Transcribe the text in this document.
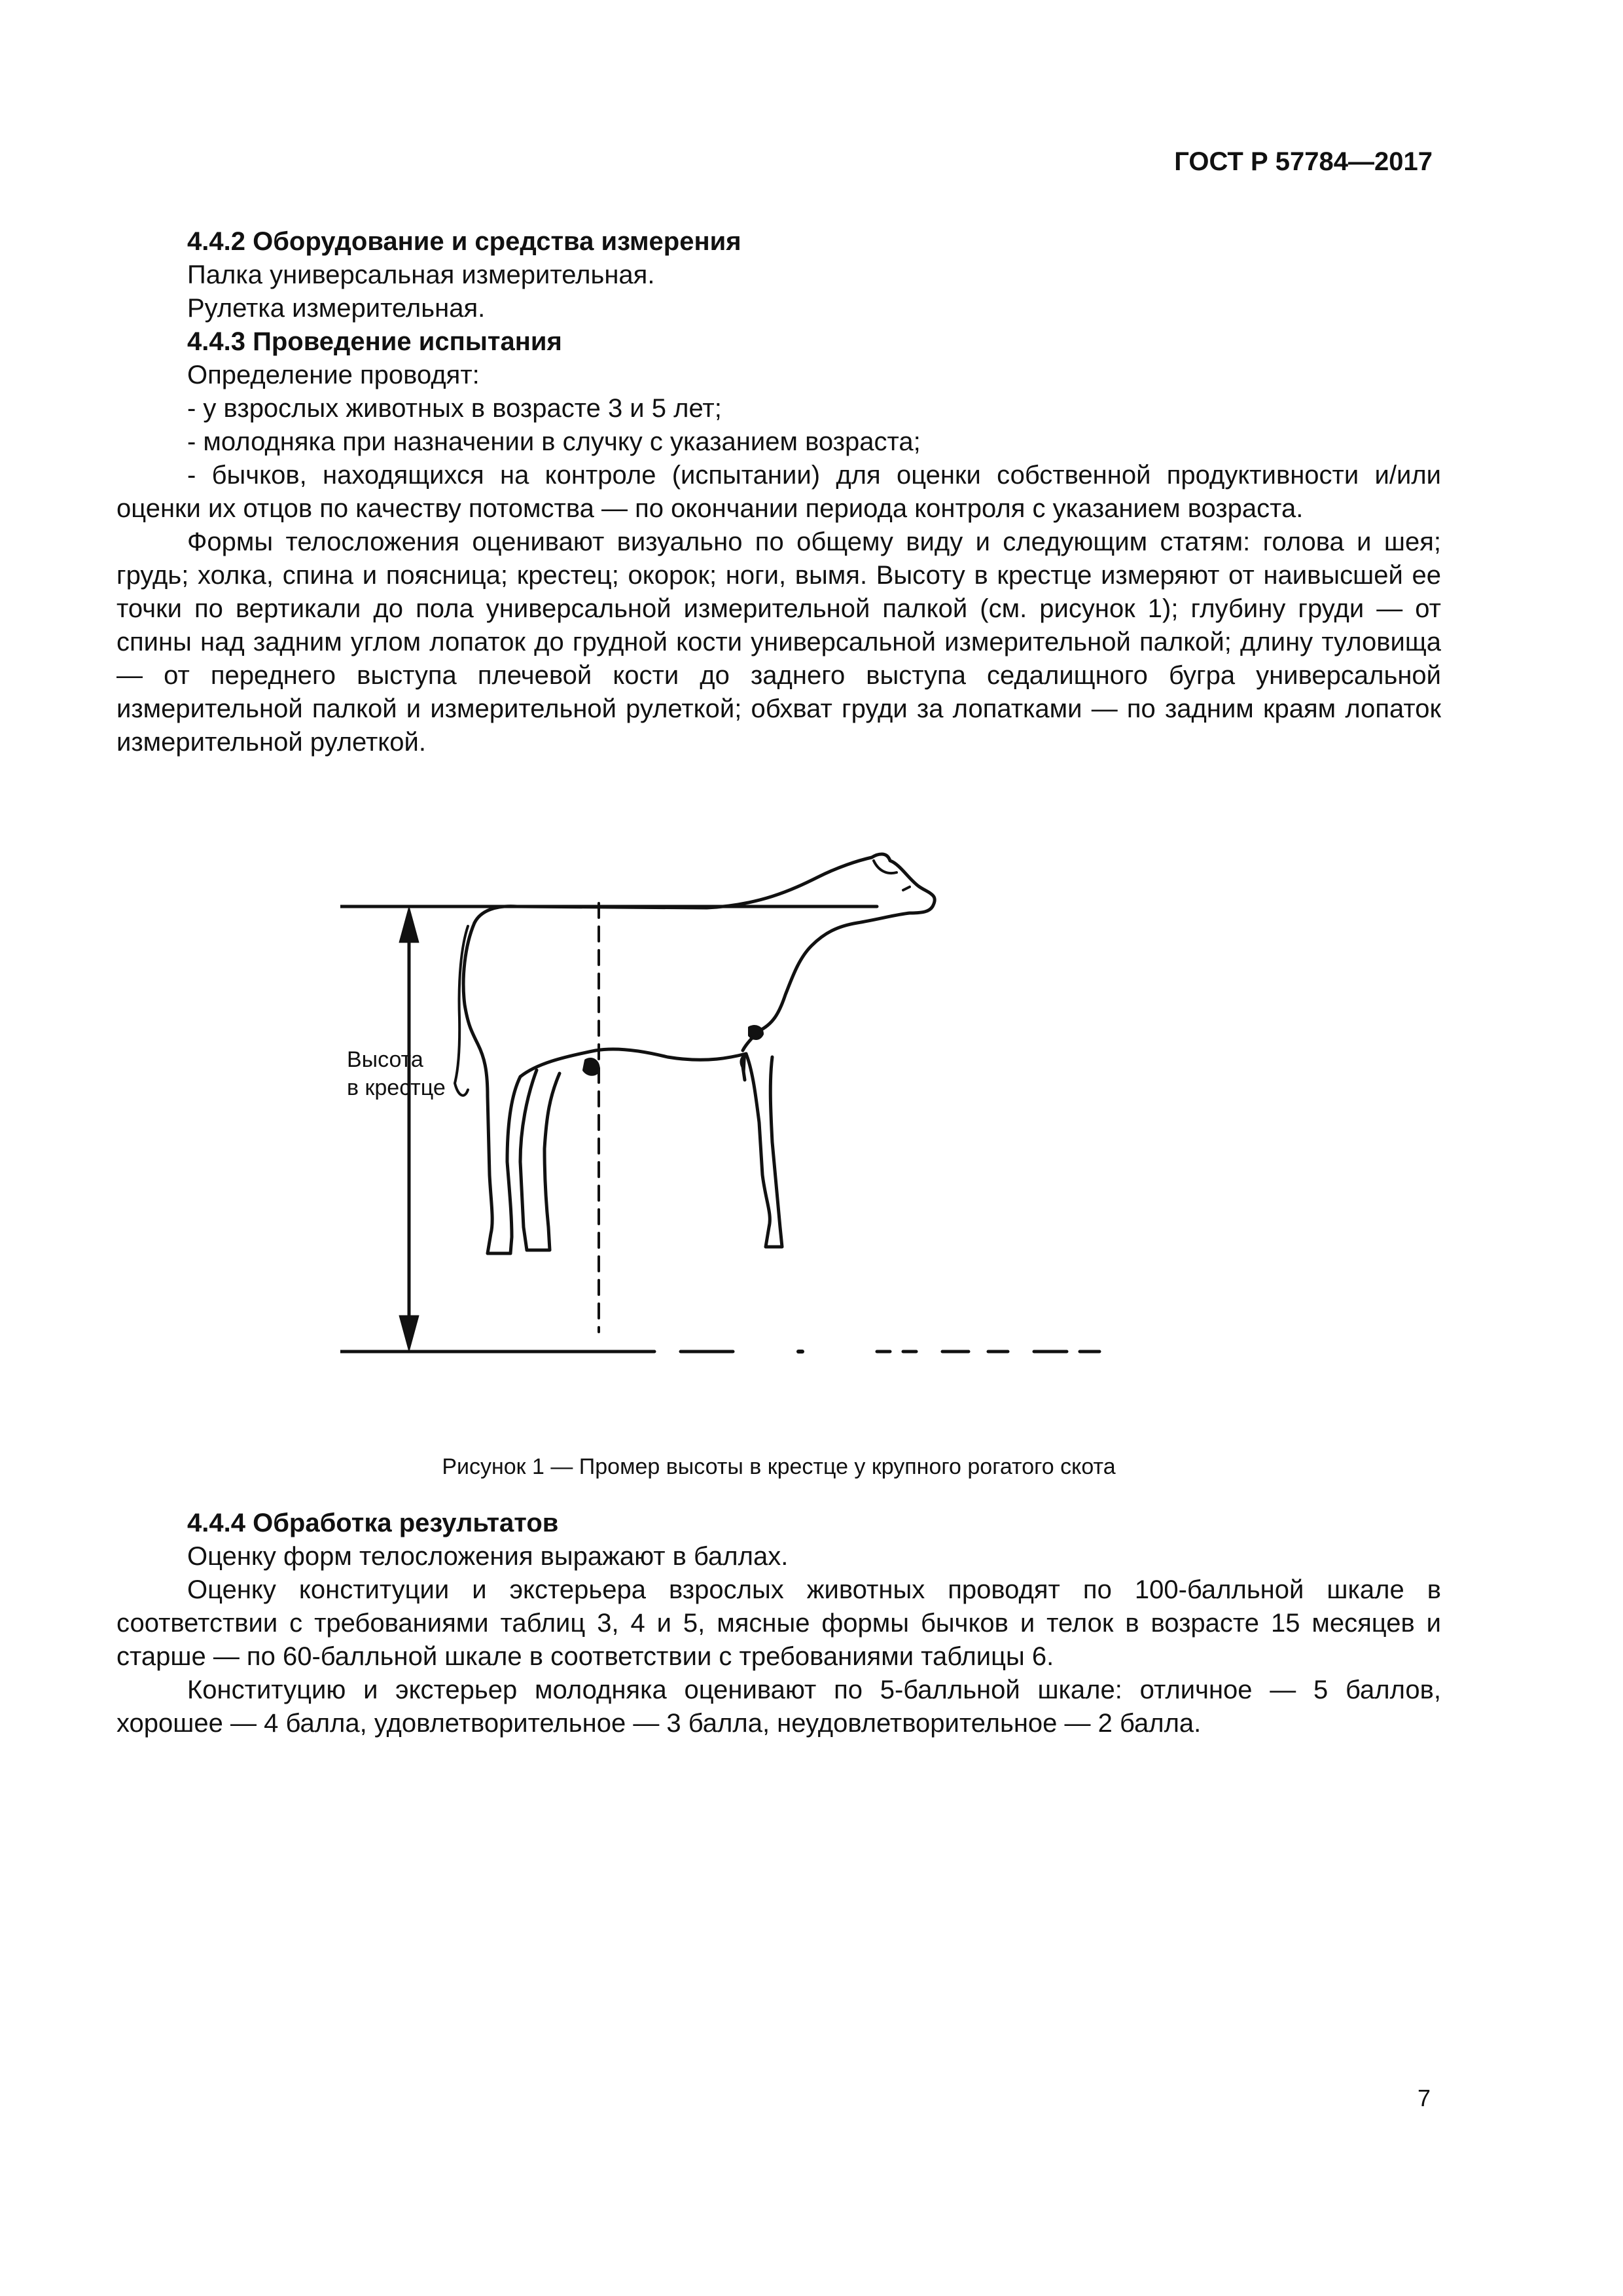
ГОСТ Р 57784—2017

4.4.2 Оборудование и средства измерения

Палка универсальная измерительная.

Рулетка измерительная.

4.4.3 Проведение испытания

Определение проводят:

- у взрослых животных в возрасте 3 и 5 лет;

- молодняка при назначении в случку с указанием возраста;

- бычков, находящихся на контроле (испытании) для оценки собственной продуктивности и/или оценки их отцов по качеству потомства — по окончании периода контроля с указанием возраста.

Формы телосложения оценивают визуально по общему виду и следующим статям: голова и шея; грудь; холка, спина и поясница; крестец; окорок; ноги, вымя. Высоту в крестце измеряют от наивысшей ее точки по вертикали до пола универсальной измерительной палкой (см. рисунок 1); глубину груди — от спины над задним углом лопаток до грудной кости универсальной измерительной палкой; длину туловища — от переднего выступа плечевой кости до заднего выступа седалищного бугра универсальной измерительной палкой и измерительной рулеткой; обхват груди за лопатками — по задним краям лопаток измерительной рулеткой.

Высота
в крестце
Рисунок 1 — Промер высоты в крестце у крупного рогатого скота

4.4.4 Обработка результатов

Оценку форм телосложения выражают в баллах.

Оценку конституции и экстерьера взрослых животных проводят по 100-балльной шкале в соответствии с требованиями таблиц 3, 4 и 5, мясные формы бычков и телок в возрасте 15 месяцев и старше — по 60-балльной шкале в соответствии с требованиями таблицы 6.

Конституцию и экстерьер молодняка оценивают по 5-балльной шкале: отличное — 5 баллов, хорошее — 4 балла, удовлетворительное — 3 балла, неудовлетворительное — 2 балла.

7
